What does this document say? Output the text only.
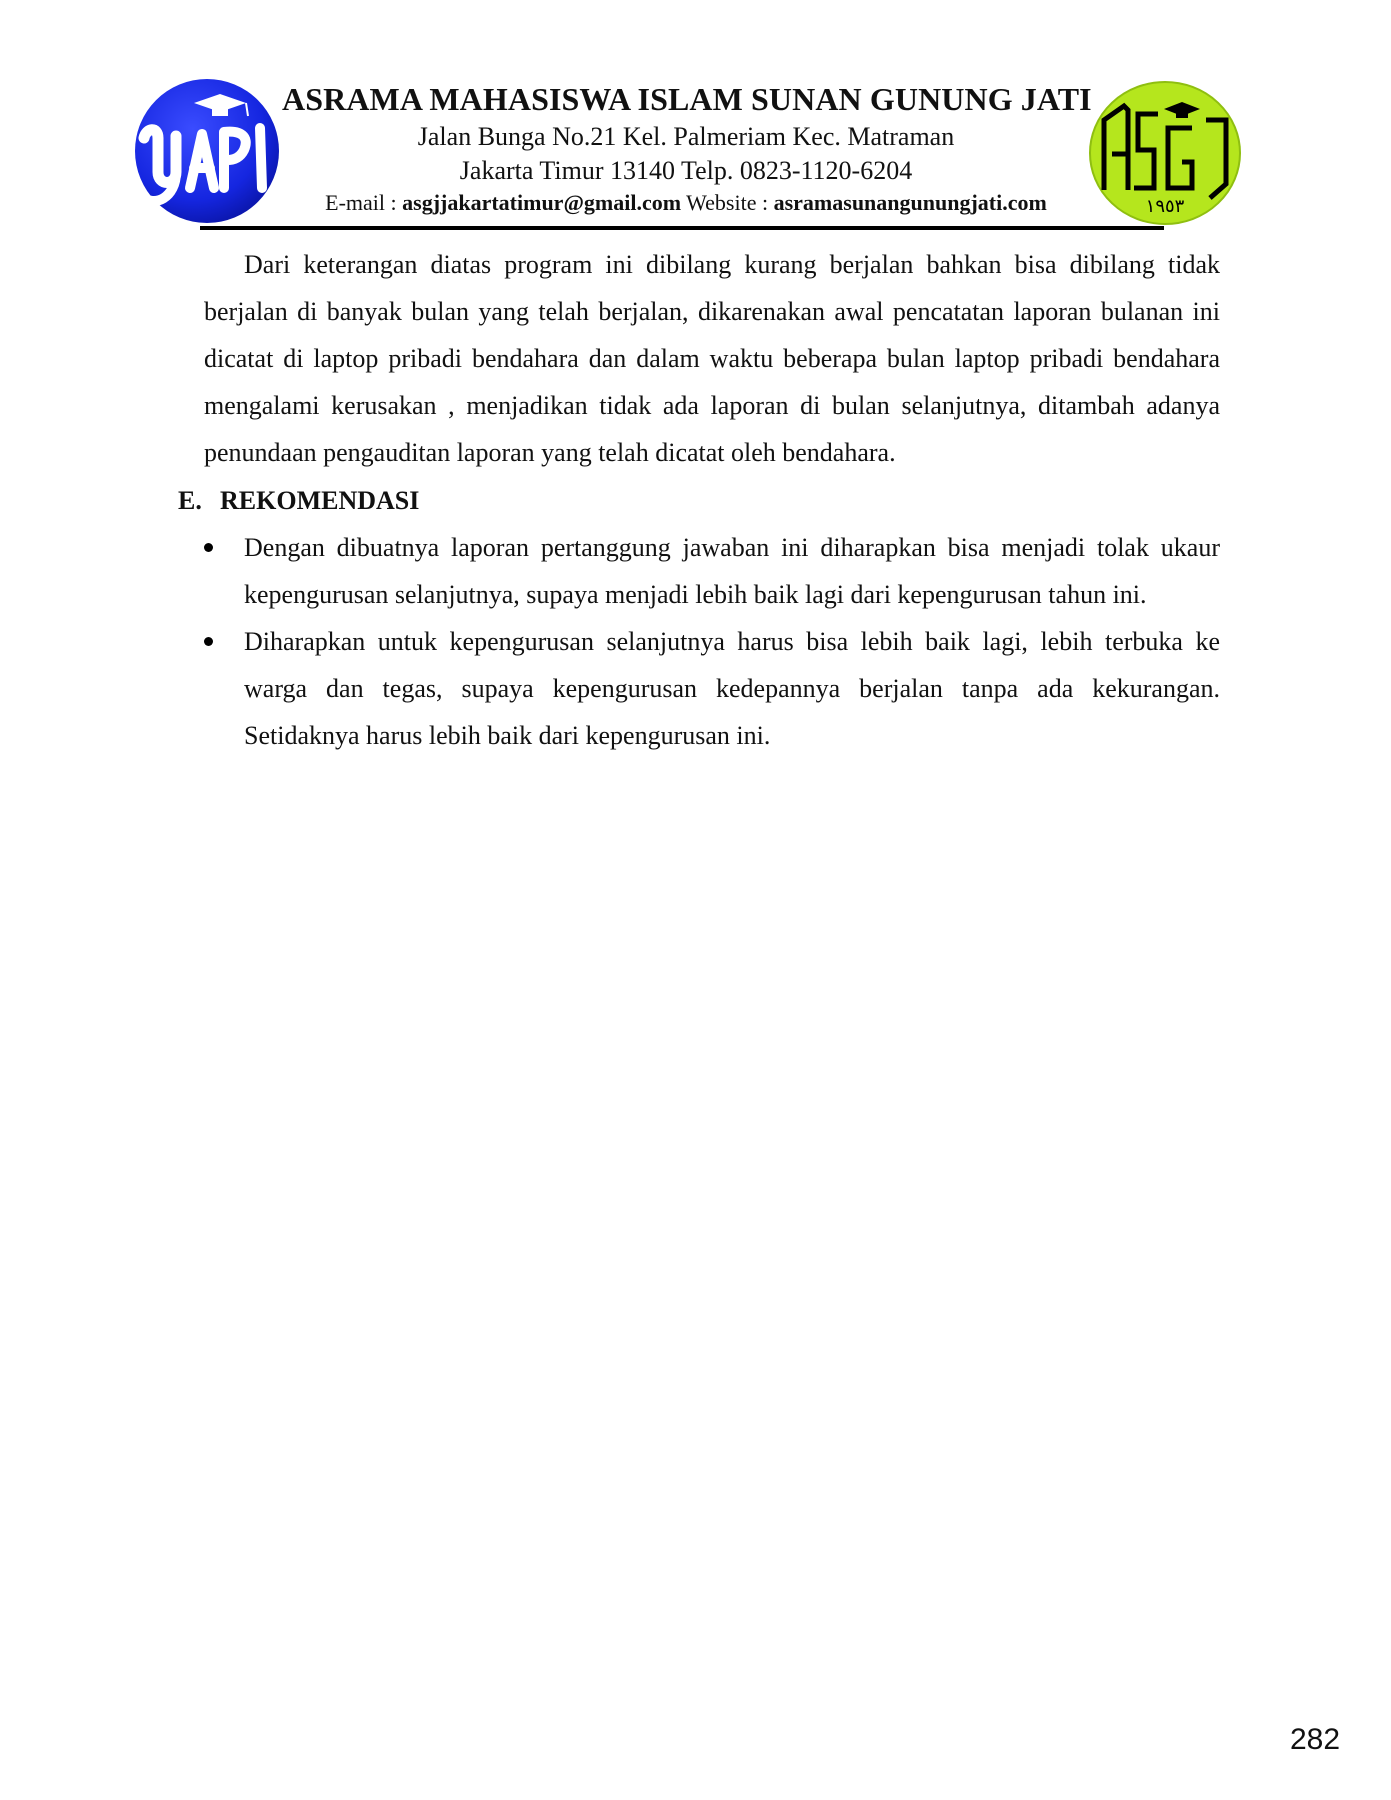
ASRAMA MAHASISWA ISLAM SUNAN GUNUNG JATI
Jalan Bunga No.21 Kel. Palmeriam Kec. Matraman
Jakarta Timur 13140 Telp. 0823-1120-6204
E-mail : asgjjakartatimur@gmail.com Website : asramasunangunungjati.com	١٩٥٣

Dari keterangan diatas program ini dibilang kurang berjalan bahkan bisa dibilang tidak berjalan di banyak bulan yang telah berjalan, dikarenakan awal pencatatan laporan bulanan ini dicatat di laptop pribadi bendahara dan dalam waktu beberapa bulan laptop pribadi bendahara mengalami kerusakan , menjadikan tidak ada laporan di bulan selanjutnya, ditambah adanya penundaan pengauditan laporan yang telah dicatat oleh bendahara.

E. REKOMENDASI
Dengan dibuatnya laporan pertanggung jawaban ini diharapkan bisa menjadi tolak ukaur kepengurusan selanjutnya, supaya menjadi lebih baik lagi dari kepengurusan tahun ini.
Diharapkan untuk kepengurusan selanjutnya harus bisa lebih baik lagi, lebih terbuka ke warga dan tegas, supaya kepengurusan kedepannya berjalan tanpa ada kekurangan. Setidaknya harus lebih baik dari kepengurusan ini.
282
